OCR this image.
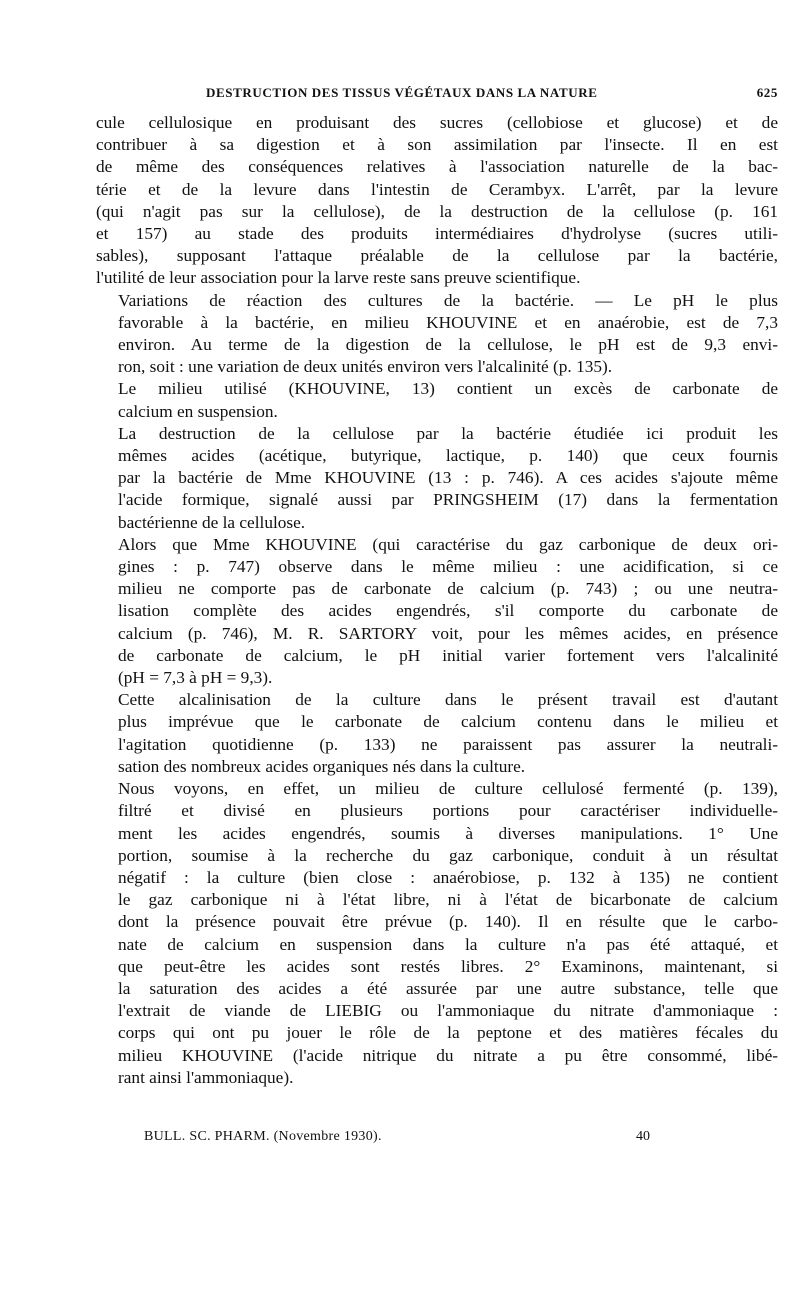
DESTRUCTION DES TISSUS VÉGÉTAUX DANS LA NATURE	625

cule cellulosique en produisant des sucres (cellobiose et glucose) et de
contribuer à sa digestion et à son assimilation par l'insecte. Il en est
de même des conséquences relatives à l'association naturelle de la bac-
térie et de la levure dans l'intestin de Cerambyx. L'arrêt, par la levure
(qui n'agit pas sur la cellulose), de la destruction de la cellulose (p. 161
et 157) au stade des produits intermédiaires d'hydrolyse (sucres utili-
sables), supposant l'attaque préalable de la cellulose par la bactérie,
l'utilité de leur association pour la larve reste sans preuve scientifique.

Variations de réaction des cultures de la bactérie. — Le pH le plus
favorable à la bactérie, en milieu KHOUVINE et en anaérobie, est de 7,3
environ. Au terme de la digestion de la cellulose, le pH est de 9,3 envi-
ron, soit : une variation de deux unités environ vers l'alcalinité (p. 135).

Le milieu utilisé (KHOUVINE, 13) contient un excès de carbonate de
calcium en suspension.

La destruction de la cellulose par la bactérie étudiée ici produit les
mêmes acides (acétique, butyrique, lactique, p. 140) que ceux fournis
par la bactérie de Mme KHOUVINE (13 : p. 746). A ces acides s'ajoute même
l'acide formique, signalé aussi par PRINGSHEIM (17) dans la fermentation
bactérienne de la cellulose.

Alors que Mme KHOUVINE (qui caractérise du gaz carbonique de deux ori-
gines : p. 747) observe dans le même milieu : une acidification, si ce
milieu ne comporte pas de carbonate de calcium (p. 743) ; ou une neutra-
lisation complète des acides engendrés, s'il comporte du carbonate de
calcium (p. 746), M. R. SARTORY voit, pour les mêmes acides, en présence
de carbonate de calcium, le pH initial varier fortement vers l'alcalinité
(pH = 7,3 à pH = 9,3).

Cette alcalinisation de la culture dans le présent travail est d'autant
plus imprévue que le carbonate de calcium contenu dans le milieu et
l'agitation quotidienne (p. 133) ne paraissent pas assurer la neutrali-
sation des nombreux acides organiques nés dans la culture.

Nous voyons, en effet, un milieu de culture cellulosé fermenté (p. 139),
filtré et divisé en plusieurs portions pour caractériser individuelle-
ment les acides engendrés, soumis à diverses manipulations. 1° Une
portion, soumise à la recherche du gaz carbonique, conduit à un résultat
négatif : la culture (bien close : anaérobiose, p. 132 à 135) ne contient
le gaz carbonique ni à l'état libre, ni à l'état de bicarbonate de calcium
dont la présence pouvait être prévue (p. 140). Il en résulte que le carbo-
nate de calcium en suspension dans la culture n'a pas été attaqué, et
que peut-être les acides sont restés libres. 2° Examinons, maintenant, si
la saturation des acides a été assurée par une autre substance, telle que
l'extrait de viande de LIEBIG ou l'ammoniaque du nitrate d'ammoniaque :
corps qui ont pu jouer le rôle de la peptone et des matières fécales du
milieu KHOUVINE (l'acide nitrique du nitrate a pu être consommé, libé-
rant ainsi l'ammoniaque).

BULL. SC. PHARM. (Novembre 1930).	40
